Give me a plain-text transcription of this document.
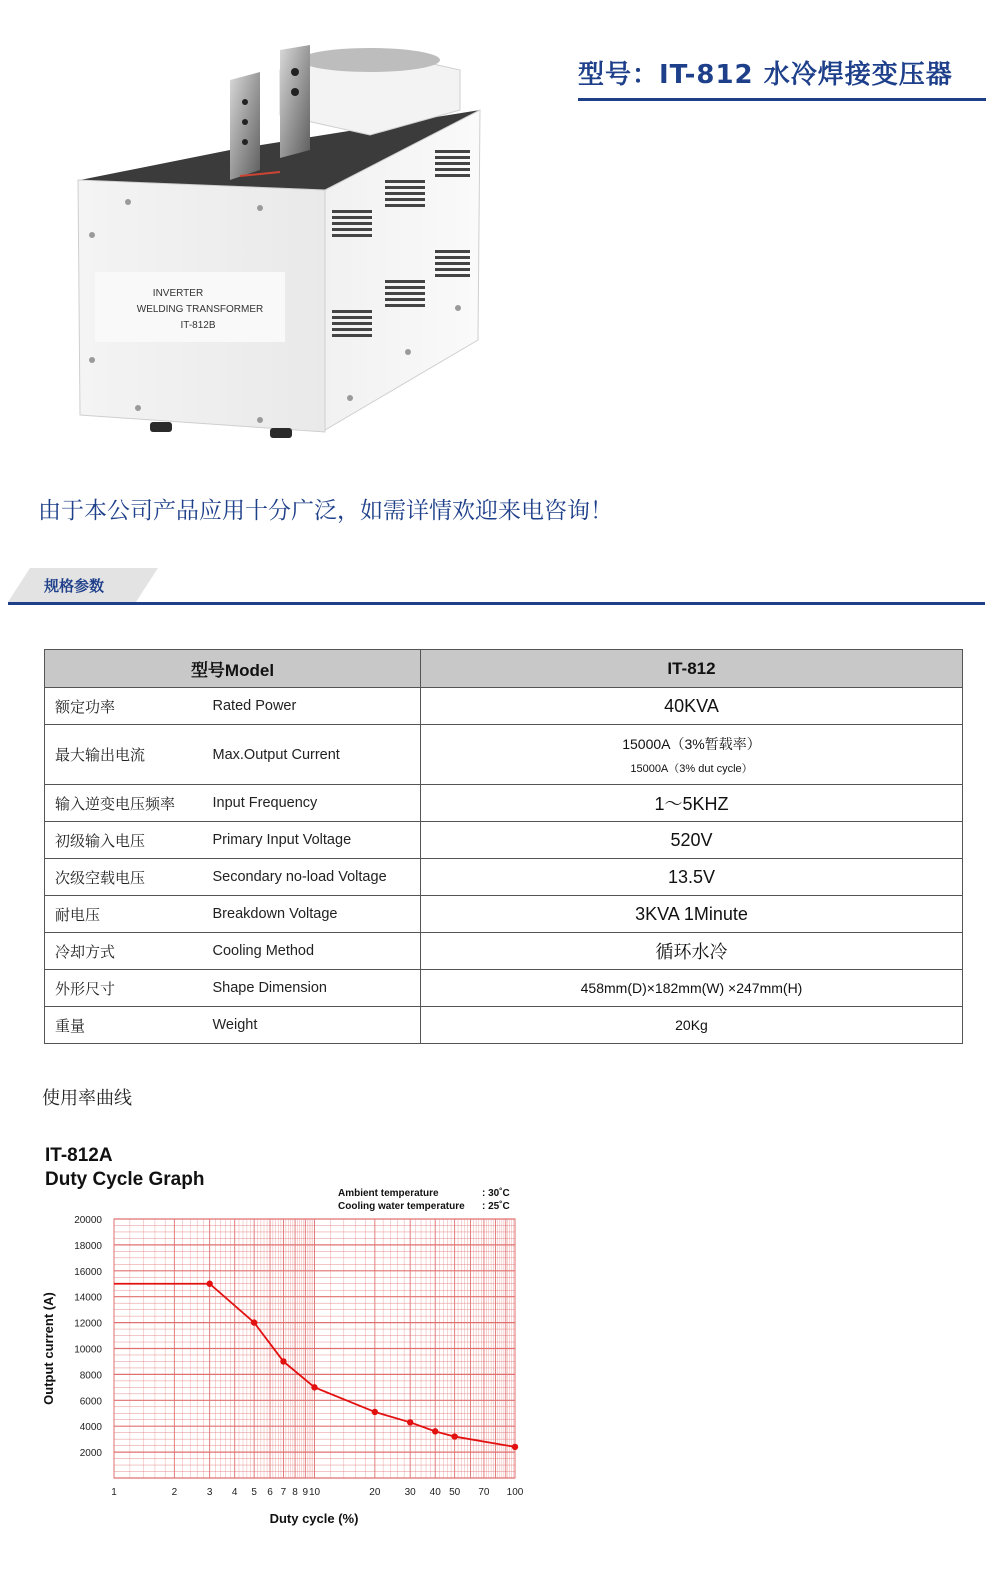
INVERTER
WELDING TRANSFORMER
IT-812B
型号：IT-812 水冷焊接变压器
由于本公司产品应用十分广泛，如需详情欢迎来电咨询！
规格参数
型号Model		IT-812
额定功率	Rated Power	40KVA
最大输出电流	Max.Output Current	15000A（3%暂载率）
15000A（3% dut cycle）

输入逆变电压频率	Input Frequency	1～5KHZ
初级输入电压	Primary Input Voltage	520V
次级空载电压	Secondary no-load Voltage	13.5V
耐电压	Breakdown Voltage	3KVA 1Minute
冷却方式	Cooling Method	循环水冷
外形尺寸	Shape Dimension	458mm(D)×182mm(W) ×247mm(H)
重量	Weight	20Kg
使用率曲线
IT-812A
Duty Cycle Graph
Ambient temperature	: 30˚C
Cooling water temperature : 25˚C
2000
4000
6000
8000
10000
12000
14000
16000
18000
20000
1	2	3 4 5 6 7 8 9 10	20 30 40 50 70 100
Duty cycle (%)
Output current (A)
